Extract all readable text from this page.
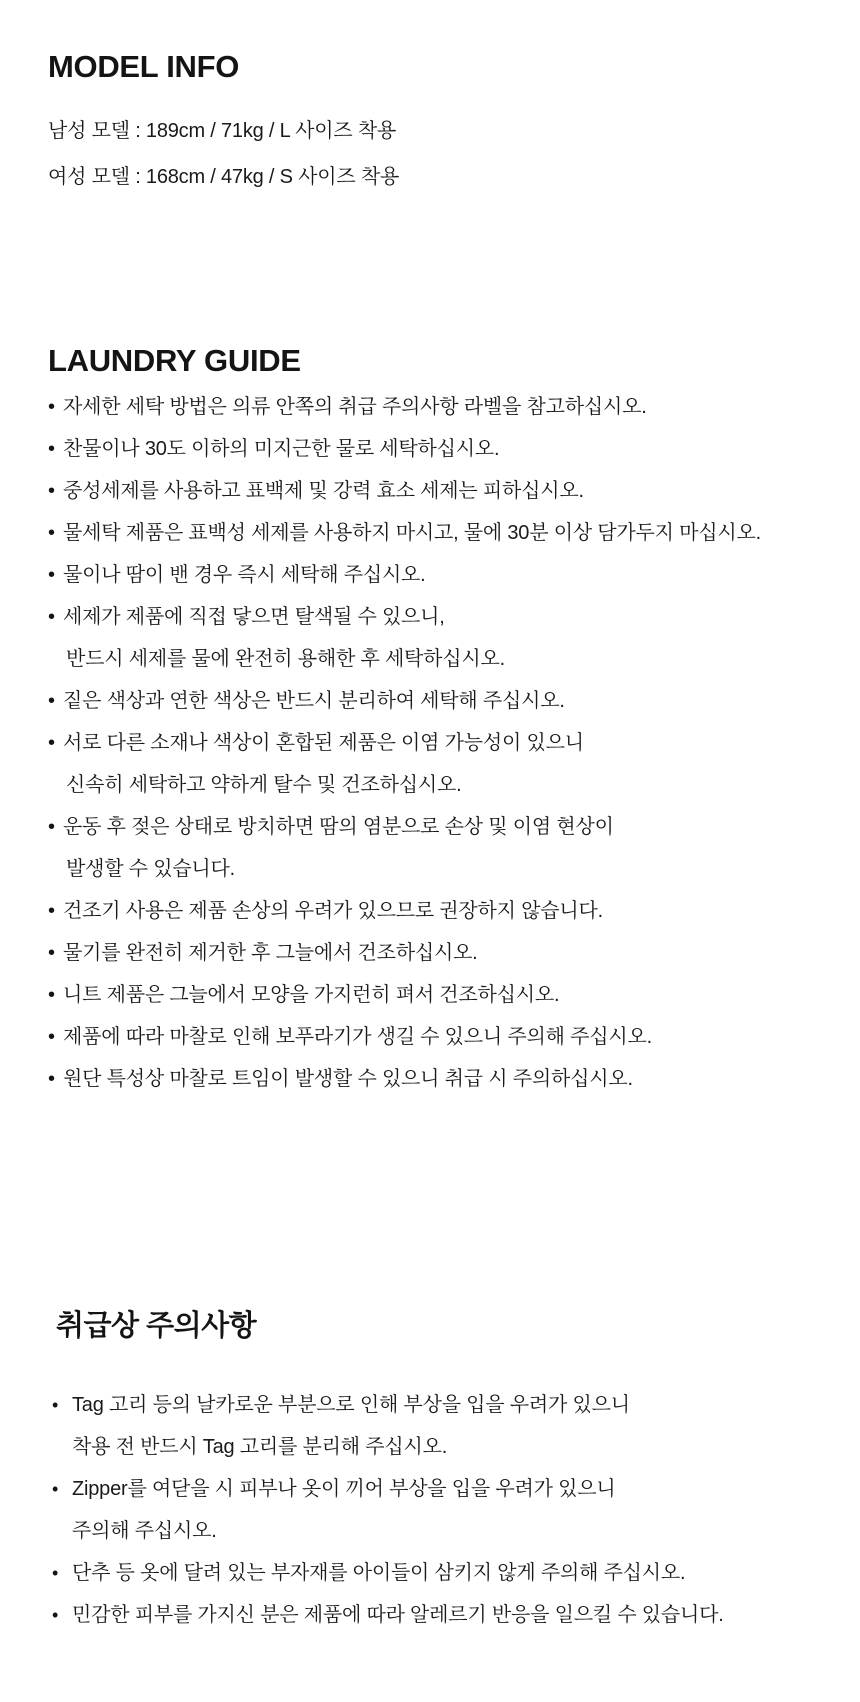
MODEL INFO
남성 모델 : 189cm / 71kg / L 사이즈 착용
여성 모델 : 168cm / 47kg / S 사이즈 착용
LAUNDRY GUIDE
• 자세한 세탁 방법은 의류 안쪽의 취급 주의사항 라벨을 참고하십시오.
• 찬물이나 30도 이하의 미지근한 물로 세탁하십시오.
• 중성세제를 사용하고 표백제 및 강력 효소 세제는 피하십시오.
• 물세탁 제품은 표백성 세제를 사용하지 마시고, 물에 30분 이상 담가두지 마십시오.
• 물이나 땀이 밴 경우 즉시 세탁해 주십시오.
• 세제가 제품에 직접 닿으면 탈색될 수 있으니,
반드시 세제를 물에 완전히 용해한 후 세탁하십시오.
• 짙은 색상과 연한 색상은 반드시 분리하여 세탁해 주십시오.
• 서로 다른 소재나 색상이 혼합된 제품은 이염 가능성이 있으니
신속히 세탁하고 약하게 탈수 및 건조하십시오.
• 운동 후 젖은 상태로 방치하면 땀의 염분으로 손상 및 이염 현상이
발생할 수 있습니다.
• 건조기 사용은 제품 손상의 우려가 있으므로 권장하지 않습니다.
• 물기를 완전히 제거한 후 그늘에서 건조하십시오.
• 니트 제품은 그늘에서 모양을 가지런히 펴서 건조하십시오.
• 제품에 따라 마찰로 인해 보푸라기가 생길 수 있으니 주의해 주십시오.
• 원단 특성상 마찰로 트임이 발생할 수 있으니 취급 시 주의하십시오.
취급상 주의사항
• Tag 고리 등의 날카로운 부분으로 인해 부상을 입을 우려가 있으니
착용 전 반드시 Tag 고리를 분리해 주십시오.
• Zipper를 여닫을 시 피부나 옷이 끼어 부상을 입을 우려가 있으니
주의해 주십시오.
• 단추 등 옷에 달려 있는 부자재를 아이들이 삼키지 않게 주의해 주십시오.
• 민감한 피부를 가지신 분은 제품에 따라 알레르기 반응을 일으킬 수 있습니다.
